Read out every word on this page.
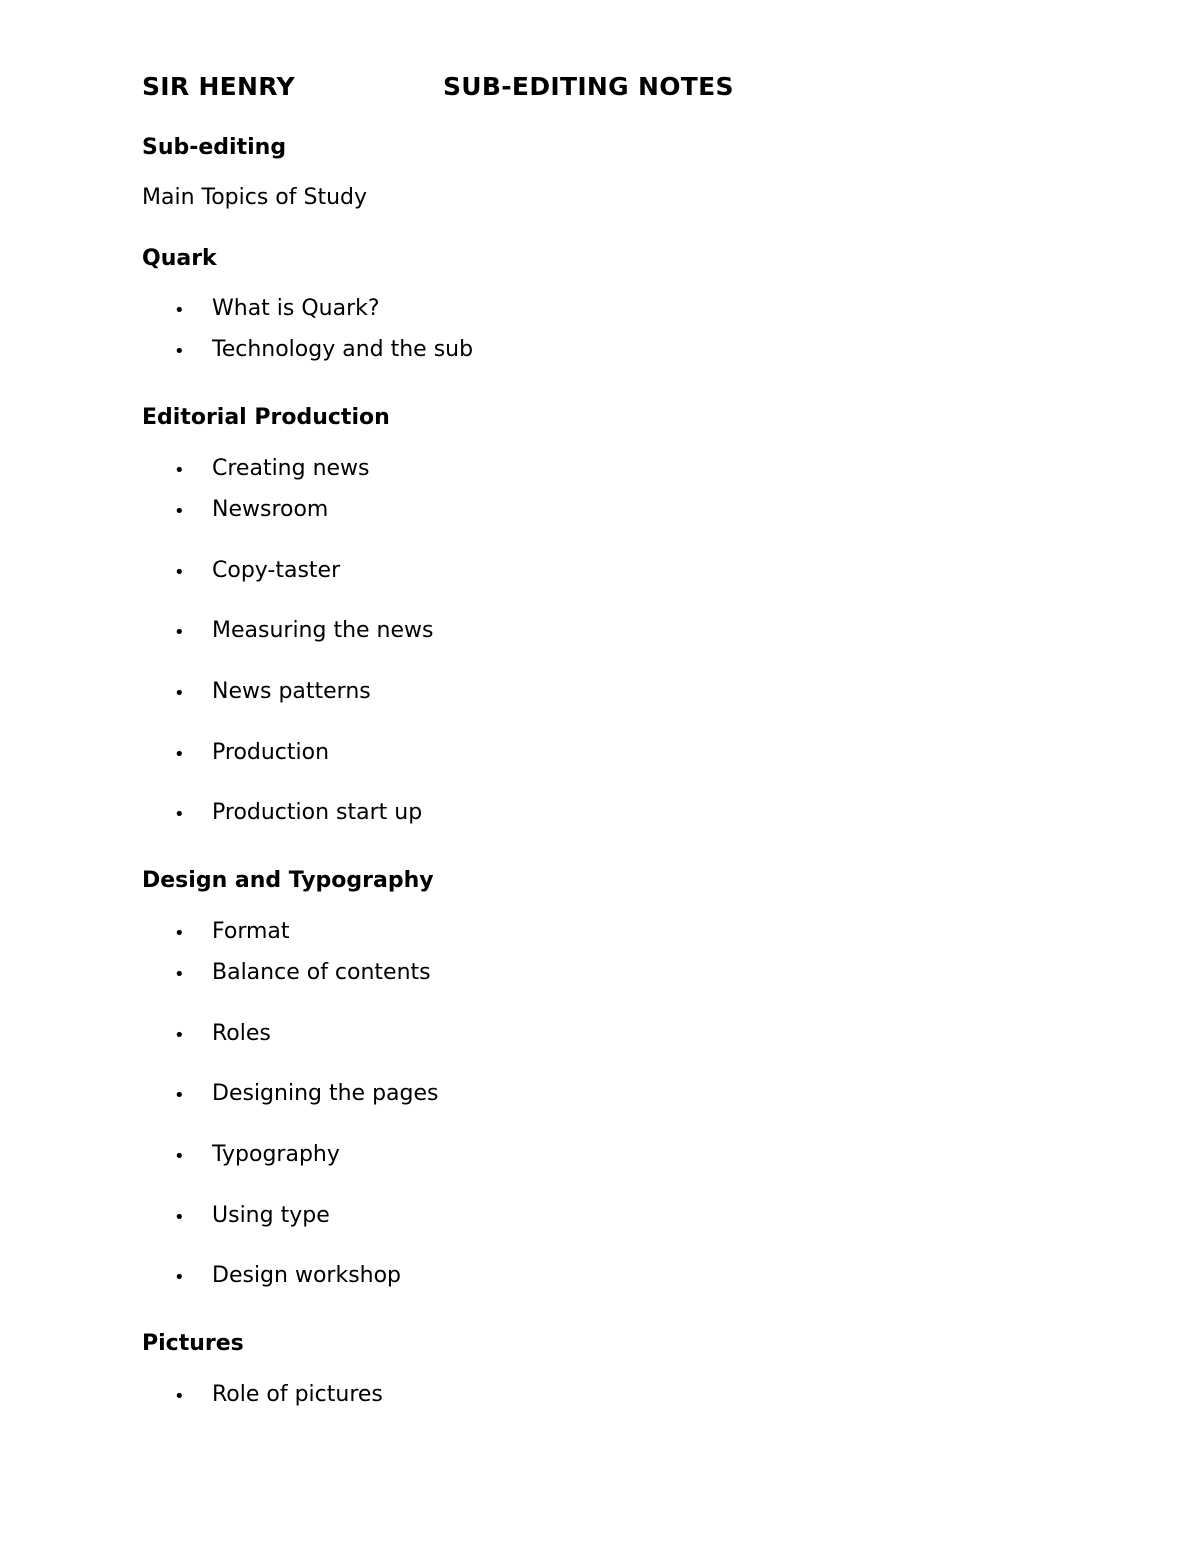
SIR HENRY	SUB-EDITING NOTES
Sub-editing
Main Topics of Study
Quark
• What is Quark?
• Technology and the sub
Editorial Production
• Creating news
• Newsroom
• Copy-taster
• Measuring the news
• News patterns
• Production
• Production start up
Design and Typography
• Format
• Balance of contents
• Roles
• Designing the pages
• Typography
• Using type
• Design workshop
Pictures
• Role of pictures
